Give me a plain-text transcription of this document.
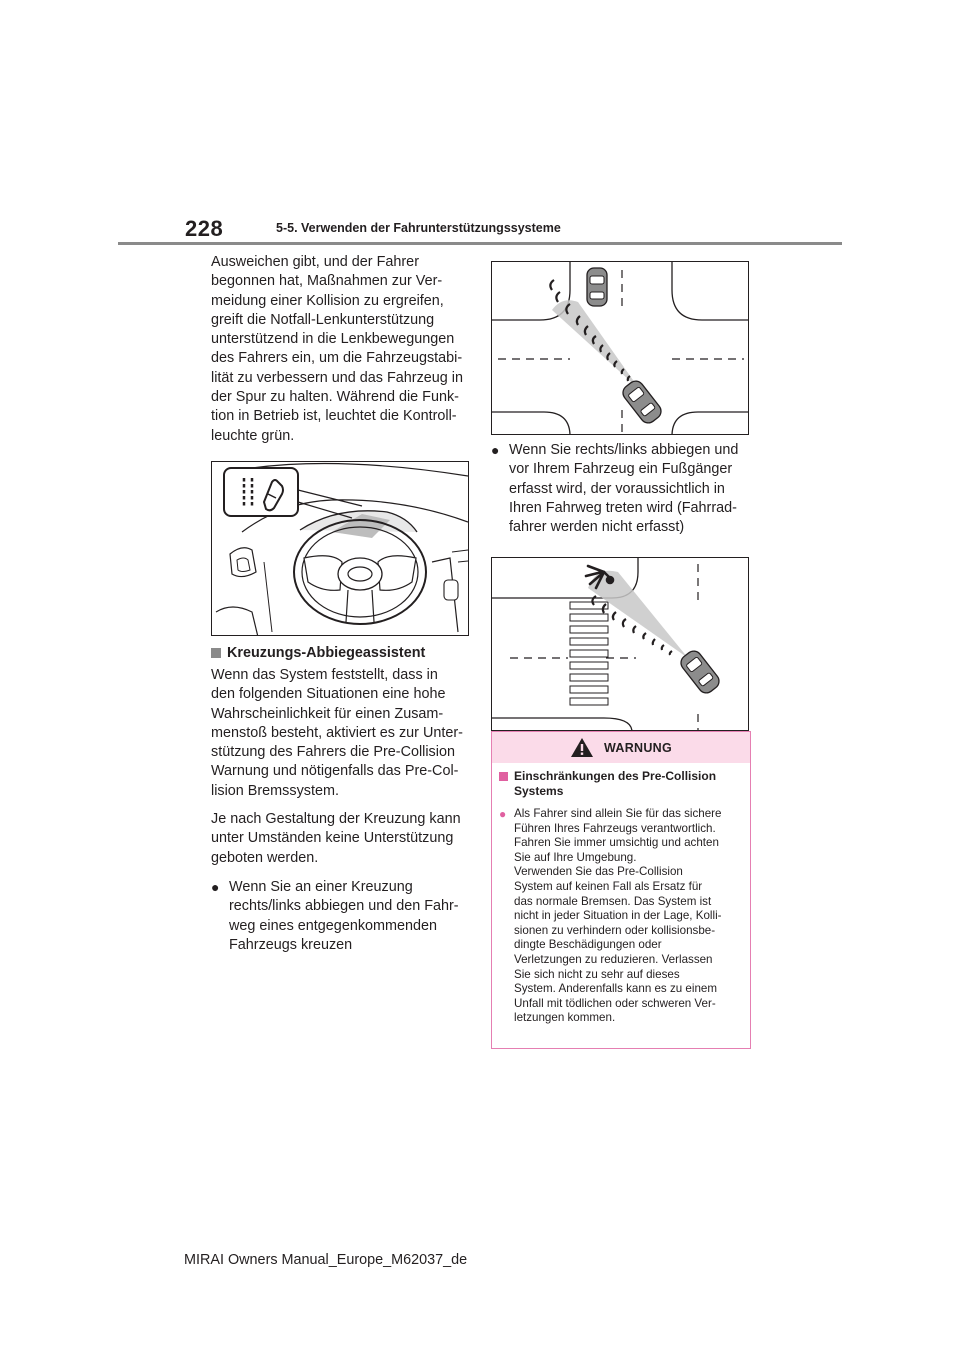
228	5-5. Verwenden der Fahrunterstützungssysteme

Ausweichen gibt, und der Fahrer
begonnen hat, Maßnahmen zur Ver-
meidung einer Kollision zu ergreifen,
greift die Notfall-Lenkunterstützung
unterstützend in die Lenkbewegungen
des Fahrers ein, um die Fahrzeugstabi-
lität zu verbessern und das Fahrzeug in
der Spur zu halten. Während die Funk-
tion in Betrieb ist, leuchtet die Kontroll-
leuchte grün.

Kreuzungs-Abbiegeassistent

Wenn das System feststellt, dass in
den folgenden Situationen eine hohe
Wahrscheinlichkeit für einen Zusam-
menstoß besteht, aktiviert es zur Unter-
stützung des Fahrers die Pre-Collision
Warnung und nötigenfalls das Pre-Col-
lision Bremssystem.

Je nach Gestaltung der Kreuzung kann
unter Umständen keine Unterstützung
geboten werden.

● Wenn Sie an einer Kreuzung
rechts/links abbiegen und den Fahr-
weg eines entgegenkommenden
Fahrzeugs kreuzen
● Wenn Sie rechts/links abbiegen und
vor Ihrem Fahrzeug ein Fußgänger
erfasst wird, der voraussichtlich in
Ihren Fahrweg treten wird (Fahrrad-
fahrer werden nicht erfasst)
WARNUNG
Einschränkungen des Pre-Collision
Systems
● Als Fahrer sind allein Sie für das sichere
Führen Ihres Fahrzeugs verantwortlich.
Fahren Sie immer umsichtig und achten
Sie auf Ihre Umgebung.
Verwenden Sie das Pre-Collision
System auf keinen Fall als Ersatz für
das normale Bremsen. Das System ist
nicht in jeder Situation in der Lage, Kolli-
sionen zu verhindern oder kollisionsbe-
dingte Beschädigungen oder
Verletzungen zu reduzieren. Verlassen
Sie sich nicht zu sehr auf dieses
System. Anderenfalls kann es zu einem
Unfall mit tödlichen oder schweren Ver-
letzungen kommen.
MIRAI Owners Manual_Europe_M62037_de
